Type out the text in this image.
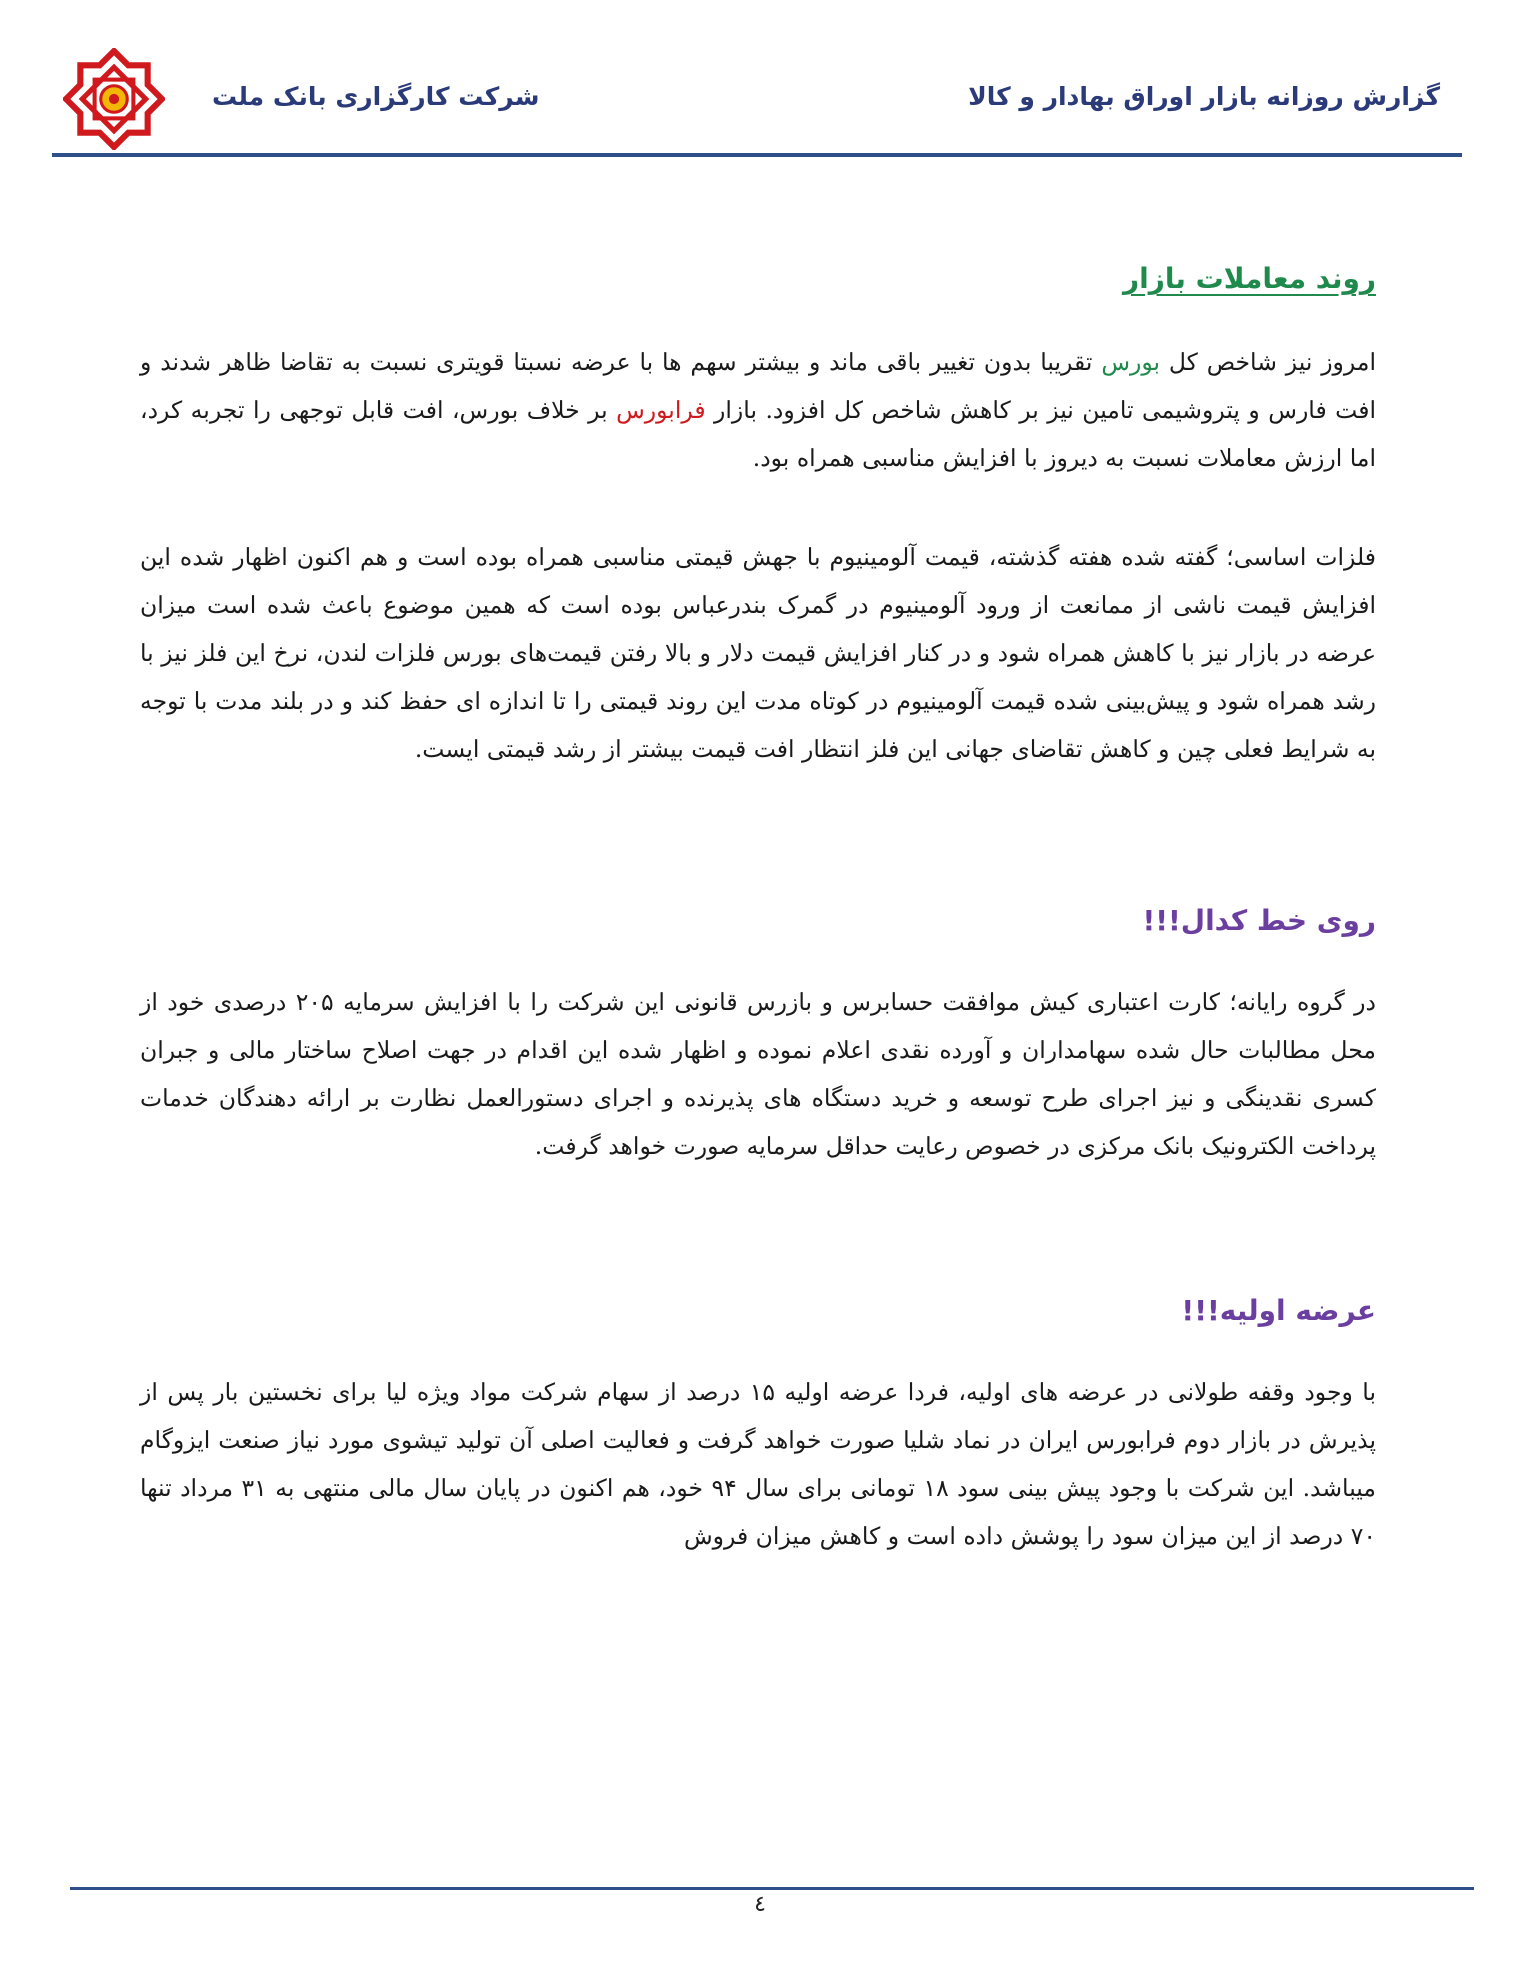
شرکت کارگزاری بانک ملت	گزارش روزانه بازار اوراق بهادار و کالا
روند معاملات بازار

امروز نیز شاخص کل بورس تقریبا بدون تغییر باقی ماند و بیشتر سهم ها با عرضه نسبتا قویتری نسبت به تقاضا ظاهر شدند و افت فارس و پتروشیمی تامین نیز بر کاهش شاخص کل افزود. بازار فرابورس بر خلاف بورس، افت قابل توجهی را تجربه کرد، اما ارزش معاملات نسبت به دیروز با افزایش مناسبی همراه بود.

فلزات اساسی؛ گفته شده هفته گذشته، قیمت آلومینیوم با جهش قیمتی مناسبی همراه بوده است و هم اکنون اظهار شده این افزایش قیمت ناشی از ممانعت از ورود آلومینیوم در گمرک بندرعباس بوده است که همین موضوع باعث شده است میزان عرضه در بازار نیز با کاهش همراه شود و در کنار افزایش قیمت دلار و بالا رفتن قیمت‌های بورس فلزات لندن، نرخ این فلز نیز با رشد همراه شود و پیش‌بینی شده قیمت آلومینیوم در کوتاه مدت این روند قیمتی را تا اندازه ای حفظ کند و در بلند مدت با توجه به شرایط فعلی چین و کاهش تقاضای جهانی این فلز انتظار افت قیمت بیشتر از رشد قیمتی ایست.

روی خط کدال!!!

در گروه رایانه؛ کارت اعتباری کیش موافقت حسابرس و بازرس قانونی این شرکت را با افزایش سرمایه ۲۰۵ درصدی خود از محل مطالبات حال شده سهامداران و آورده نقدی اعلام نموده و اظهار شده این اقدام در جهت اصلاح ساختار مالی و جبران کسری نقدینگی و نیز اجرای طرح توسعه و خرید دستگاه های پذیرنده و اجرای دستورالعمل نظارت بر ارائه دهندگان خدمات پرداخت الکترونیک بانک مرکزی در خصوص رعایت حداقل سرمایه صورت خواهد گرفت.

عرضه اولیه!!!

با وجود وقفه طولانی در عرضه های اولیه، فردا عرضه اولیه ۱۵ درصد از سهام شرکت مواد ویژه لیا برای نخستین بار پس از پذیرش در بازار دوم فرابورس ایران در نماد شلیا صورت خواهد گرفت و فعالیت اصلی آن تولید تیشوی مورد نیاز صنعت ایزوگام میباشد. این شرکت با وجود پیش بینی سود ۱۸ تومانی برای سال ۹۴ خود، هم اکنون در پایان سال مالی منتهی به ۳۱ مرداد تنها ۷۰ درصد از این میزان سود را پوشش داده است و کاهش میزان فروش

٤
